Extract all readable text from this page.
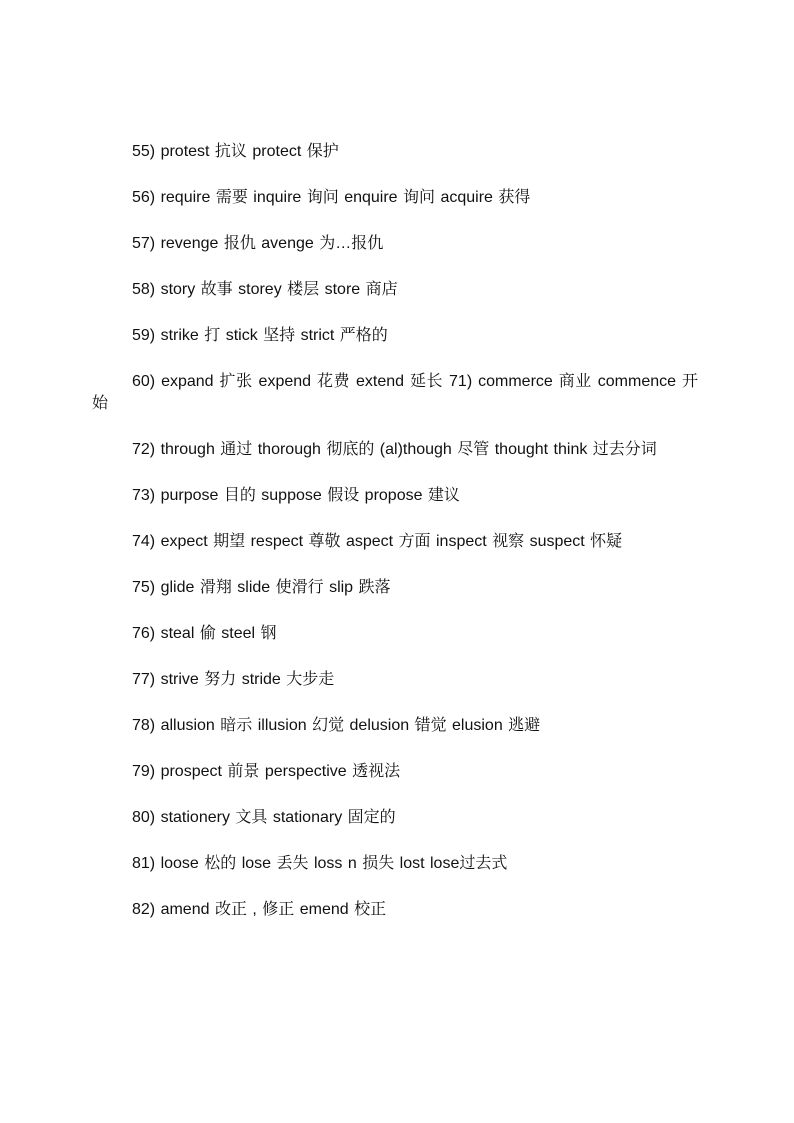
55) protest 抗议 protect 保护
56) require 需要 inquire 询问 enquire 询问 acquire 获得
57) revenge 报仇 avenge 为…报仇
58) story 故事 storey 楼层 store 商店
59) strike 打 stick 坚持 strict 严格的
60) expand 扩张 expend 花费 extend 延长 71) commerce 商业 commence 开始
72) through 通过 thorough 彻底的 (al)though 尽管 thought think 过去分词
73) purpose 目的 suppose 假设 propose 建议
74) expect 期望 respect 尊敬 aspect 方面 inspect 视察 suspect 怀疑
75) glide 滑翔 slide 使滑行 slip 跌落
76) steal 偷 steel 钢
77) strive 努力 stride 大步走
78) allusion 暗示 illusion 幻觉 delusion 错觉 elusion 逃避
79) prospect 前景 perspective 透视法
80) stationery 文具 stationary 固定的
81) loose 松的 lose 丢失 loss n 损失 lost lose过去式
82) amend 改正 , 修正 emend 校正
